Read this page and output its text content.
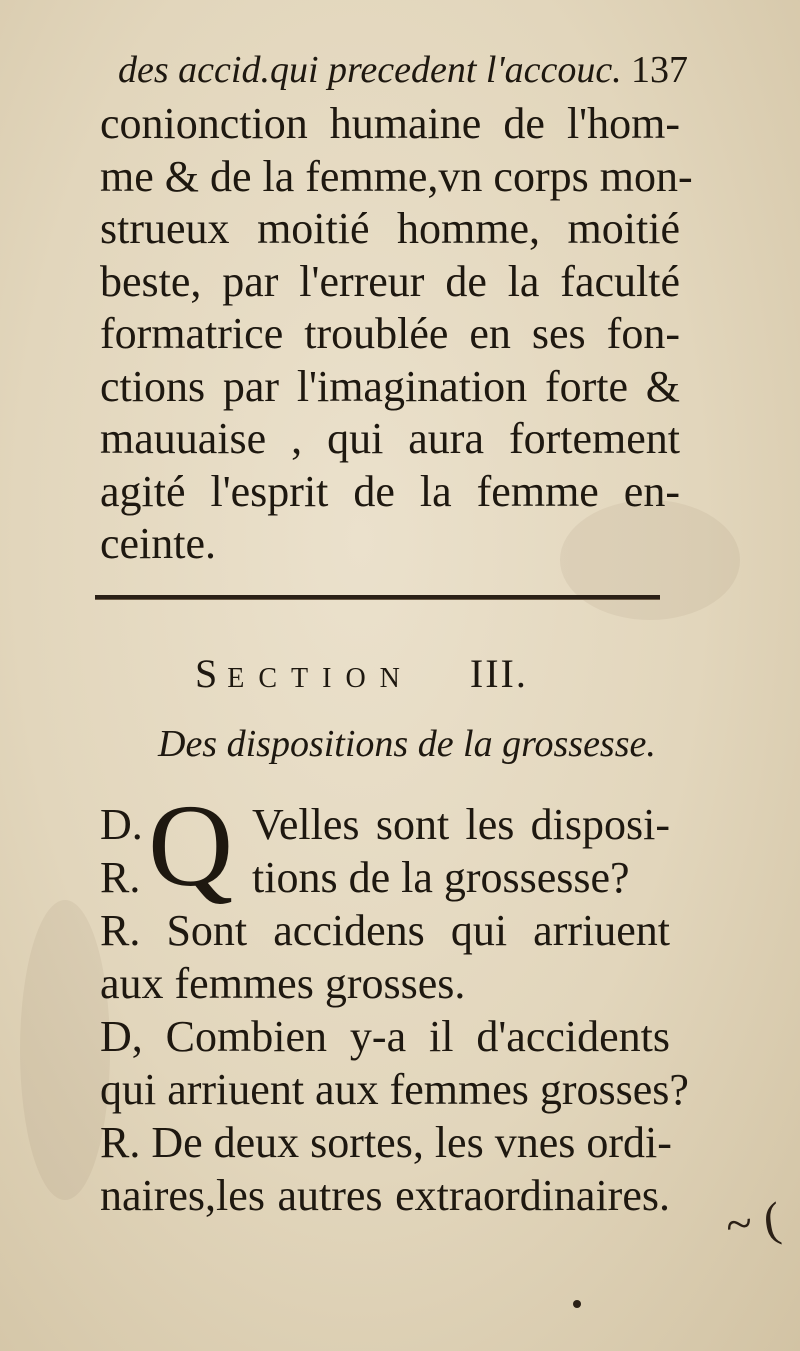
des accid.qui precedent l'accouc. 137
conionction humaine de l'hom-
me & de la femme,vn corps mon-
strueux moitié homme, moitié
beste, par l'erreur de la faculté
formatrice troublée en ses fon-
ctions par l'imagination forte &
mauuaise , qui aura fortement
agité l'esprit de la femme en-
ceinte.
SECTION III.
Des dispositions de la grossesse.
D.
R. Q Velles sont les disposi-
tions de la grossesse?
R. Sont accidens qui arriuent
aux femmes grosses.
D, Combien y-a il d'accidents
qui arriuent aux femmes grosses?
R. De deux sortes, les vnes ordi-
naires,les autres extraordinaires. ~ (
